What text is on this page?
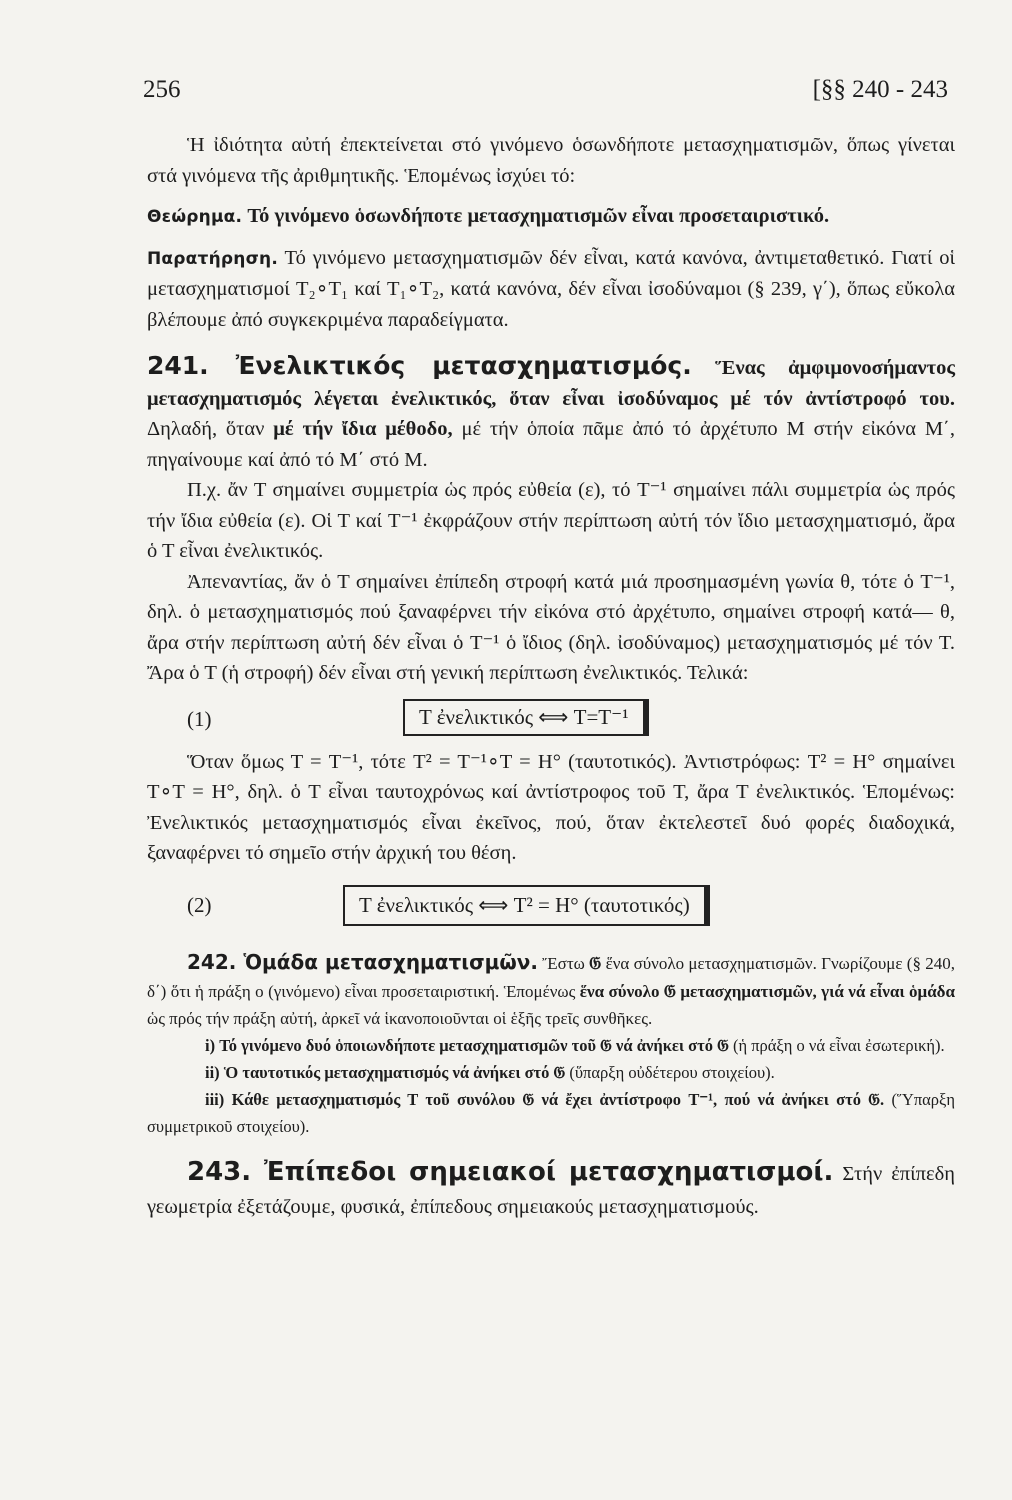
256	[§§ 240 - 243

Ἡ ἰδιότητα αὐτή ἐπεκτείνεται στό γινόμενο ὁσωνδήποτε μετασχηματισμῶν, ὅπως γίνεται στά γινόμενα τῆς ἀριθμητικῆς. Ἑπομένως ἰσχύει τό:

Θεώρημα. Τό γινόμενο ὁσωνδήποτε μετασχηματισμῶν εἶναι προσεταιριστικό.

Παρατήρηση. Τό γινόμενο μετασχηματισμῶν δέν εἶναι, κατά κανόνα, ἀντιμεταθετικό. Γιατί οἱ μετασχηματισμοί T₂∘T₁ καί T₁∘T₂, κατά κανόνα, δέν εἶναι ἰσοδύναμοι (§ 239, γ΄), ὅπως εὔκολα βλέπουμε ἀπό συγκεκριμένα παραδείγματα.

241. Ἐνελικτικός μετασχηματισμός. Ἕνας ἀμφιμονοσήμαντος μετασχηματισμός λέγεται ἐνελικτικός, ὅταν εἶναι ἰσοδύναμος μέ τόν ἀντίστροφό του. Δηλαδή, ὅταν μέ τήν ἴδια μέθοδο, μέ τήν ὁποία πᾶμε ἀπό τό ἀρχέτυπο Μ στήν εἰκόνα Μ΄, πηγαίνουμε καί ἀπό τό Μ΄ στό Μ.

Π.χ. ἄν Τ σημαίνει συμμετρία ὡς πρός εὐθεία (ε), τό T⁻¹ σημαίνει πάλι συμμετρία ὡς πρός τήν ἴδια εὐθεία (ε). Οἱ Τ καί T⁻¹ ἐκφράζουν στήν περίπτωση αὐτή τόν ἴδιο μετασχηματισμό, ἄρα ὁ Τ εἶναι ἐνελικτικός.

Ἀπεναντίας, ἄν ὁ Τ σημαίνει ἐπίπεδη στροφή κατά μιά προσημασμένη γωνία θ, τότε ὁ T⁻¹, δηλ. ὁ μετασχηματισμός πού ξαναφέρνει τήν εἰκόνα στό ἀρχέτυπο, σημαίνει στροφή κατά— θ, ἄρα στήν περίπτωση αὐτή δέν εἶναι ὁ T⁻¹ ὁ ἴδιος (δηλ. ἰσοδύναμος) μετασχηματισμός μέ τόν Τ. Ἄρα ὁ Τ (ἡ στροφή) δέν εἶναι στή γενική περίπτωση ἐνελικτικός. Τελικά:

(1)	Τ ἐνελικτικός ⟺ T=T⁻¹

Ὅταν ὅμως Τ = T⁻¹, τότε T² = T⁻¹∘T = H° (ταυτοτικός). Ἀντιστρόφως: T² = H° σημαίνει T∘T = H°, δηλ. ὁ Τ εἶναι ταυτοχρόνως καί ἀντίστροφος τοῦ Τ, ἄρα Τ ἐνελικτικός. Ἑπομένως: Ἐνελικτικός μετασχηματισμός εἶναι ἐκεῖνος, πού, ὅταν ἐκτελεστεῖ δυό φορές διαδοχικά, ξαναφέρνει τό σημεῖο στήν ἀρχική του θέση.

(2)	Τ ἐνελικτικός ⟺ T² = H° (ταυτοτικός)

242. Ὁμάδα μετασχηματισμῶν. Ἔστω 𝔊 ἕνα σύνολο μετασχηματισμῶν. Γνωρίζουμε (§ 240, δ΄) ὅτι ἡ πράξη ο (γινόμενο) εἶναι προσεταιριστική. Ἑπομένως ἕνα σύνολο 𝔊 μετασχηματισμῶν, γιά νά εἶναι ὁμάδα ὡς πρός τήν πράξη αὐτή, ἀρκεῖ νά ἱκανοποιοῦνται οἱ ἑξῆς τρεῖς συνθῆκες.

i) Τό γινόμενο δυό ὁποιωνδήποτε μετασχηματισμῶν τοῦ 𝔊 νά ἀνήκει στό 𝔊 (ἡ πράξη ο νά εἶναι ἐσωτερική).

ii) Ὁ ταυτοτικός μετασχηματισμός νά ἀνήκει στό 𝔊 (ὕπαρξη οὐδέτερου στοιχείου).

iii) Κάθε μετασχηματισμός Τ τοῦ συνόλου 𝔊 νά ἔχει ἀντίστροφο T⁻¹, πού νά ἀνήκει στό 𝔊. (Ὕπαρξη συμμετρικοῦ στοιχείου).

243. Ἐπίπεδοι σημειακοί μετασχηματισμοί. Στήν ἐπίπεδη γεωμετρία ἐξετάζουμε, φυσικά, ἐπίπεδους σημειακούς μετασχηματισμούς.
